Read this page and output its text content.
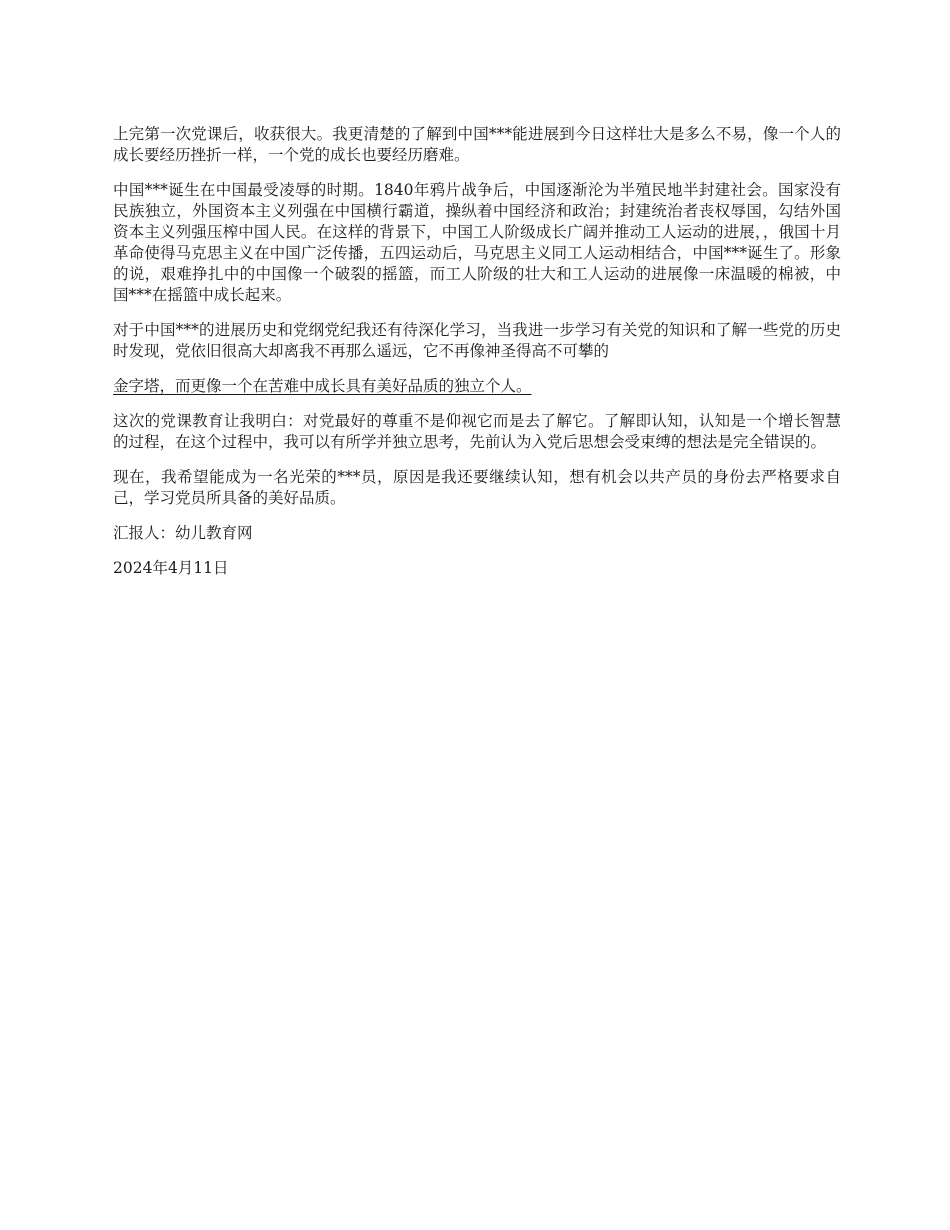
上完第一次党课后，收获很大。我更清楚的了解到中国***能进展到今日这样壮大是多么不易，像一个人的成长要经历挫折一样，一个党的成长也要经历磨难。

中国***诞生在中国最受凌辱的时期。1840年鸦片战争后，中国逐渐沦为半殖民地半封建社会。国家没有民族独立，外国资本主义列强在中国横行霸道，操纵着中国经济和政治；封建统治者丧权辱国，勾结外国资本主义列强压榨中国人民。在这样的背景下，中国工人阶级成长广阔并推动工人运动的进展，，俄国十月革命使得马克思主义在中国广泛传播，五四运动后，马克思主义同工人运动相结合，中国***诞生了。形象的说，艰难挣扎中的中国像一个破裂的摇篮，而工人阶级的壮大和工人运动的进展像一床温暖的棉被，中国***在摇篮中成长起来。

对于中国***的进展历史和党纲党纪我还有待深化学习，当我进一步学习有关党的知识和了解一些党的历史时发现，党依旧很高大却离我不再那么遥远，它不再像神圣得高不可攀的

金字塔，而更像一个在苦难中成长具有美好品质的独立个人。

这次的党课教育让我明白：对党最好的尊重不是仰视它而是去了解它。了解即认知，认知是一个增长智慧的过程，在这个过程中，我可以有所学并独立思考，先前认为入党后思想会受束缚的想法是完全错误的。

现在，我希望能成为一名光荣的***员，原因是我还要继续认知，想有机会以共产员的身份去严格要求自己，学习党员所具备的美好品质。

汇报人：幼儿教育网

2024年4月11日
